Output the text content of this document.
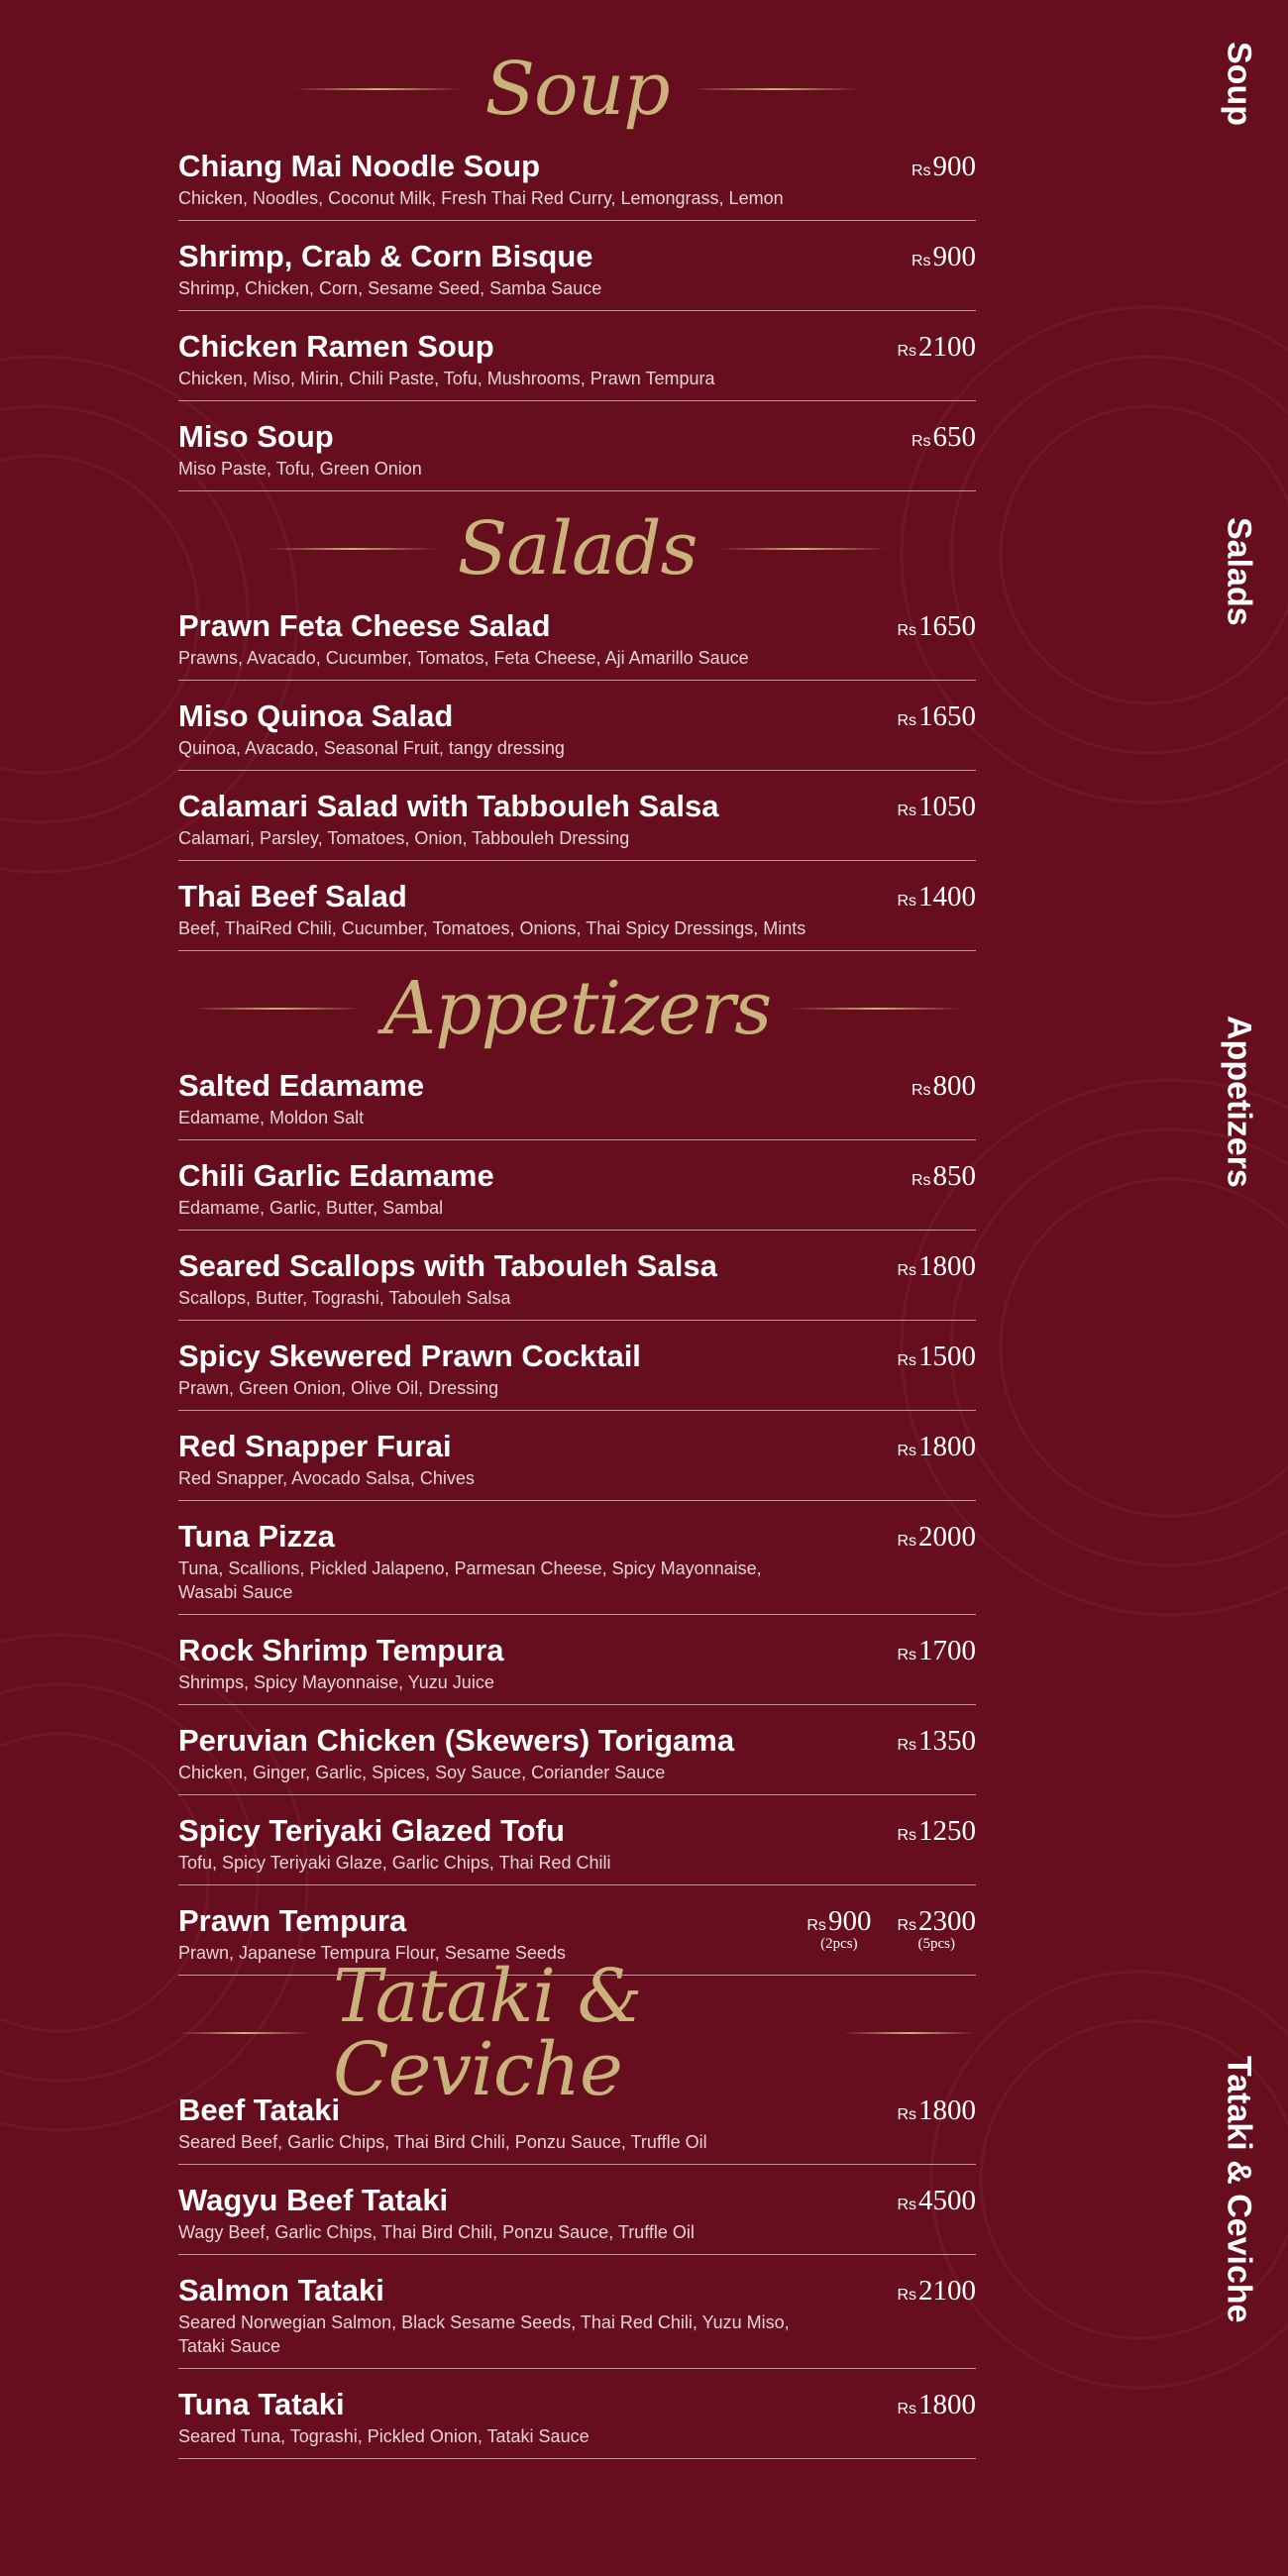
Soup
Salads
Appetizers
Tataki & Ceviche
Soup
Chiang Mai Noodle Soup
Chicken, Noodles, Coconut Milk, Fresh Thai Red Curry, Lemongrass, Lemon
Rs900
Shrimp, Crab & Corn Bisque
Shrimp, Chicken, Corn, Sesame Seed, Samba Sauce
Rs900
Chicken Ramen Soup
Chicken, Miso, Mirin, Chili Paste, Tofu, Mushrooms, Prawn Tempura
Rs2100
Miso Soup
Miso Paste, Tofu, Green Onion
Rs650
Salads
Prawn Feta Cheese Salad
Prawns, Avacado, Cucumber, Tomatos, Feta Cheese, Aji Amarillo Sauce
Rs1650
Miso Quinoa Salad
Quinoa, Avacado, Seasonal Fruit, tangy dressing
Rs1650
Calamari Salad with Tabbouleh Salsa
Calamari, Parsley, Tomatoes, Onion, Tabbouleh Dressing
Rs1050
Thai Beef Salad
Beef, ThaiRed Chili, Cucumber, Tomatoes, Onions, Thai Spicy Dressings, Mints
Rs1400
Appetizers
Salted Edamame
Edamame, Moldon Salt
Rs800
Chili Garlic Edamame
Edamame, Garlic, Butter, Sambal
Rs850
Seared Scallops with Tabouleh Salsa
Scallops, Butter, Tograshi, Tabouleh Salsa
Rs1800
Spicy Skewered Prawn Cocktail
Prawn, Green Onion, Olive Oil, Dressing
Rs1500
Red Snapper Furai
Red Snapper, Avocado Salsa, Chives
Rs1800
Tuna Pizza
Tuna, Scallions, Pickled Jalapeno, Parmesan Cheese, Spicy Mayonnaise, Wasabi Sauce
Rs2000
Rock Shrimp Tempura
Shrimps, Spicy Mayonnaise, Yuzu Juice
Rs1700
Peruvian Chicken (Skewers) Torigama
Chicken, Ginger, Garlic, Spices, Soy Sauce, Coriander Sauce
Rs1350
Spicy Teriyaki Glazed Tofu
Tofu, Spicy Teriyaki Glaze, Garlic Chips, Thai Red Chili
Rs1250
Prawn Tempura
Prawn, Japanese Tempura Flour, Sesame Seeds
Rs900
(2pcs)
Rs2300
(5pcs)
Tataki & Ceviche
Beef Tataki
Seared Beef, Garlic Chips, Thai Bird Chili, Ponzu Sauce, Truffle Oil
Rs1800
Wagyu Beef Tataki
Wagy Beef, Garlic Chips, Thai Bird Chili, Ponzu Sauce, Truffle Oil
Rs4500
Salmon Tataki
Seared Norwegian Salmon, Black Sesame Seeds, Thai Red Chili, Yuzu Miso, Tataki Sauce
Rs2100
Tuna Tataki
Seared Tuna, Tograshi, Pickled Onion, Tataki Sauce
Rs1800
